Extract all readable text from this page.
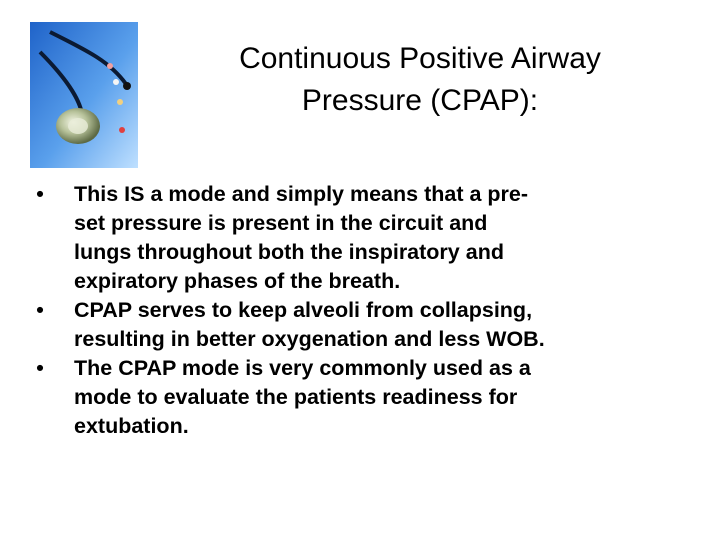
Continuous Positive Airway
Pressure (CPAP):
• This IS a mode and simply means that a pre-
set pressure is present in the circuit and
lungs throughout both the inspiratory and
expiratory phases of the breath.
• CPAP serves to keep alveoli from collapsing,
resulting in better oxygenation and less WOB.
• The CPAP mode is very commonly used as a
mode to evaluate the patients readiness for
extubation.
